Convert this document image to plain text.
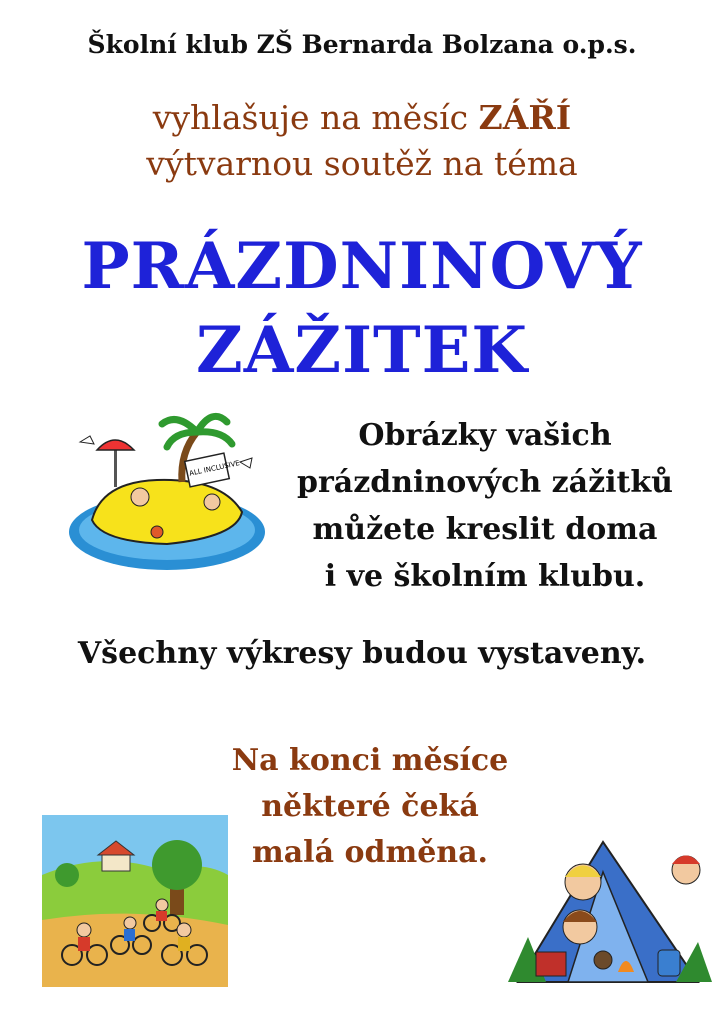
Školní klub ZŠ Bernarda Bolzana o.p.s.

vyhlašuje na měsíc ZÁŘÍ
výtvarnou soutěž na téma
PRÁZDNINOVÝ
ZÁŽITEK
ALL INCLUSIVE
Obrázky vašich
prázdninových zážitků
můžete kreslit doma
i ve školním klubu.

Všechny výkresy budou vystaveny.

Na konci měsíce
některé čeká
malá odměna.
